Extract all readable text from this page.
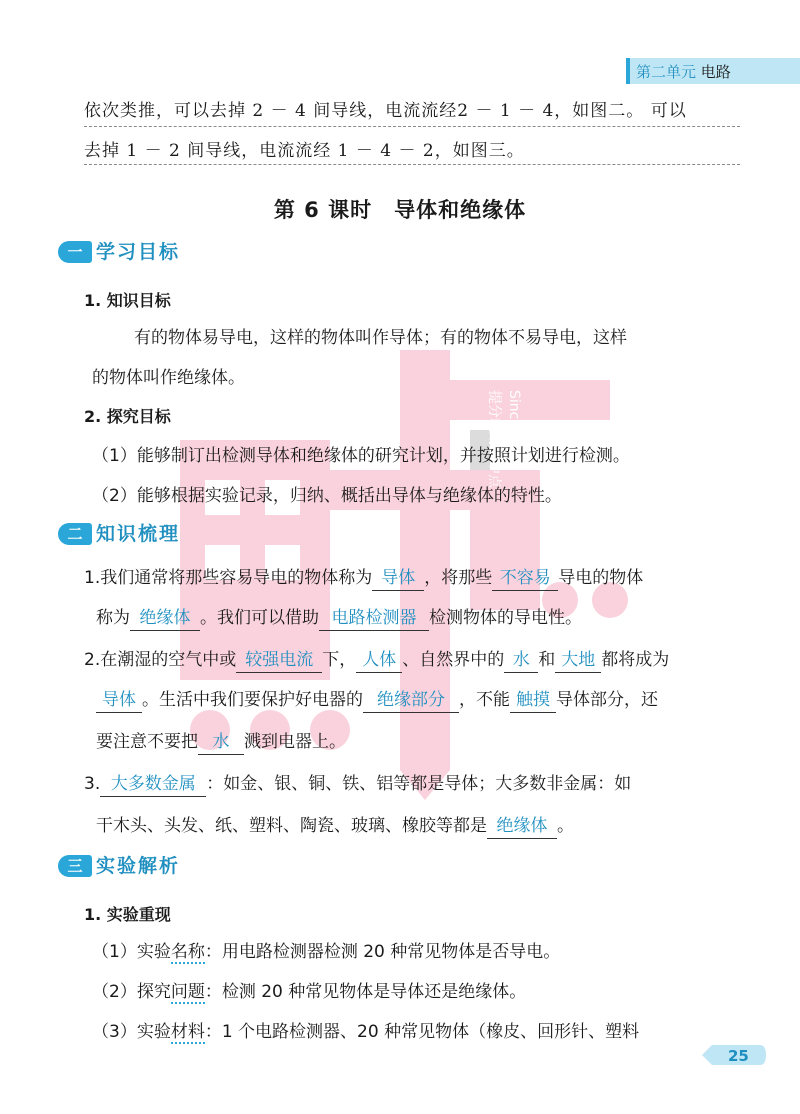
第二单元 电路
依次类推，可以去掉 2 － 4 间导线，电流流经2 － 1 － 4，如图二。 可以
去掉 1 － 2 间导线，电流流经 1 － 4 － 2，如图三。
Since 1999
提分就用典中点
第 6 课时　导体和绝缘体
一 学习目标
1. 知识目标
有的物体易导电，这样的物体叫作导体；有的物体不易导电，这样
的物体叫作绝缘体。
2. 探究目标
（1）能够制订出检测导体和绝缘体的研究计划，并按照计划进行检测。
（2）能够根据实验记录，归纳、概括出导体与绝缘体的特性。
二 知识梳理
1.我们通常将那些容易导电的物体称为 导体 ，将那些 不容易 导电的物体
称为 绝缘体 。我们可以借助 电路检测器 检测物体的导电性。
2.在潮湿的空气中或 较强电流 下， 人体 、自然界中的 水 和 大地 都将成为
导体 。生活中我们要保护好电器的 绝缘部分 ，不能 触摸 导体部分，还
要注意不要把 水 溅到电器上。
3. 大多数金属 ：如金、银、铜、铁、铝等都是导体；大多数非金属：如
干木头、头发、纸、塑料、陶瓷、玻璃、橡胶等都是 绝缘体 。
三 实验解析
1. 实验重现
（1）实验名称：用电路检测器检测 20 种常见物体是否导电。
（2）探究问题：检测 20 种常见物体是导体还是绝缘体。
（3）实验材料：1 个电路检测器、20 种常见物体（橡皮、回形针、塑料
25
